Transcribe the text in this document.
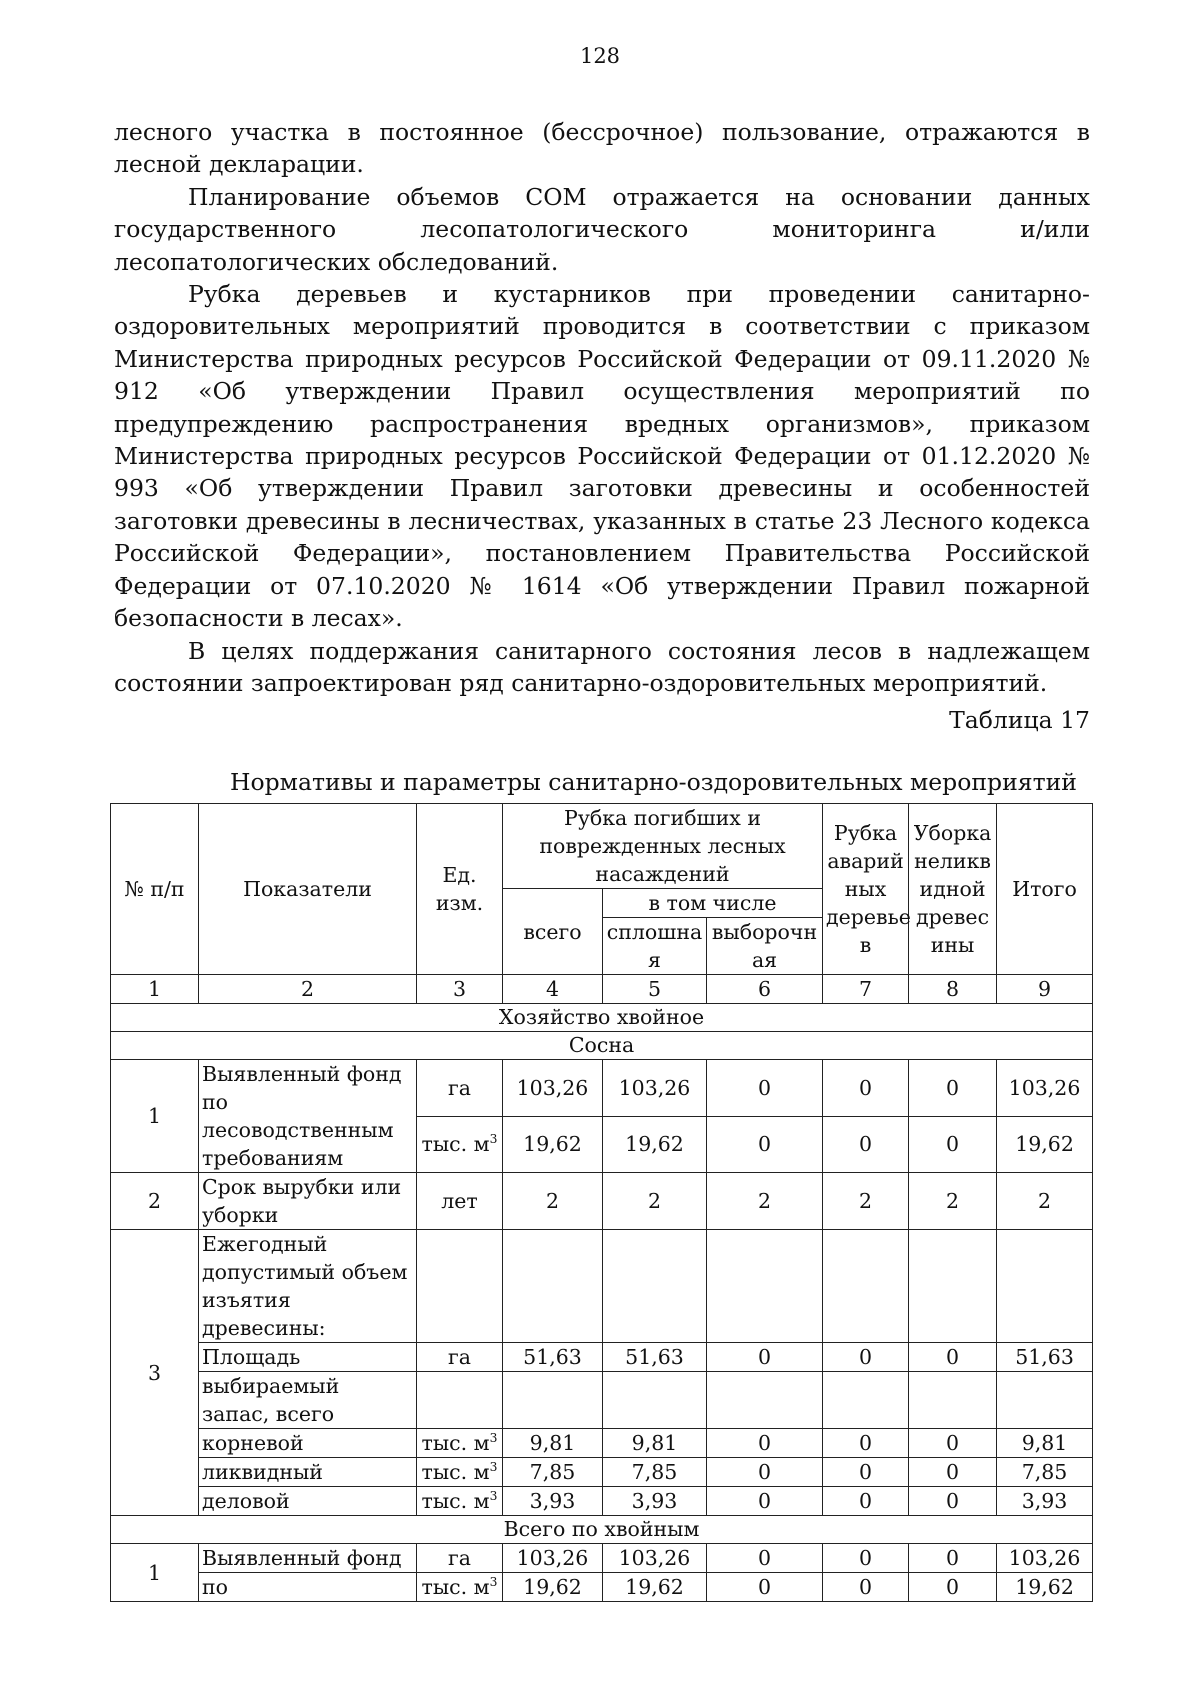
128

лесного участка в постоянное (бессрочное) пользование, отражаются в лесной декларации.

Планирование объемов СОМ отражается на основании данных государственного лесопатологического мониторинга и/или лесопатологических обследований.

Рубка деревьев и кустарников при проведении санитарно-оздоровительных мероприятий проводится в соответствии с приказом Министерства природных ресурсов Российской Федерации от 09.11.2020 № 912 «Об утверждении Правил осуществления мероприятий по предупреждению распространения вредных организмов», приказом Министерства природных ресурсов Российской Федерации от 01.12.2020 № 993 «Об утверждении Правил заготовки древесины и особенностей заготовки древесины в лесничествах, указанных в статье 23 Лесного кодекса Российской Федерации», постановлением Правительства Российской Федерации от 07.10.2020 № 1614 «Об утверждении Правил пожарной безопасности в лесах».

В целях поддержания санитарного состояния лесов в надлежащем состоянии запроектирован ряд санитарно-оздоровительных мероприятий.

Таблица 17
Нормативы и параметры санитарно-оздоровительных мероприятий
№ п/п	Показатели	Ед. изм.	Рубка погибших и поврежденных лесных насаждений			Рубка аварий ных деревье в	Уборка неликв идной древес ины	Итого
			всего	в том числе				
				сплошна я	выборочн ая			
1	2	3	4	5	6	7	8	9
Хозяйство хвойное								
Сосна								
1	Выявленный фонд по лесоводственным требованиям	га	103,26	103,26	0	0	0	103,26
		тыс. $м^3$	19,62	19,62	0	0	0	19,62
2	Срок вырубки или уборки	лет	2	2	2	2	2	2
3	Ежегодный допустимый объем изъятия древесины:							
	Площадь	га	51,63	51,63	0	0	0	51,63
	выбираемый запас, всего							
	корневой	тыс. $м^3$	9,81	9,81	0	0	0	9,81
	ликвидный	тыс. $м^3$	7,85	7,85	0	0	0	7,85
	деловой	тыс. $м^3$	3,93	3,93	0	0	0	3,93
Всего по хвойным								
1	Выявленный фонд	га	103,26	103,26	0	0	0	103,26
	по	тыс. $м^3$	19,62	19,62	0	0	0	19,62
